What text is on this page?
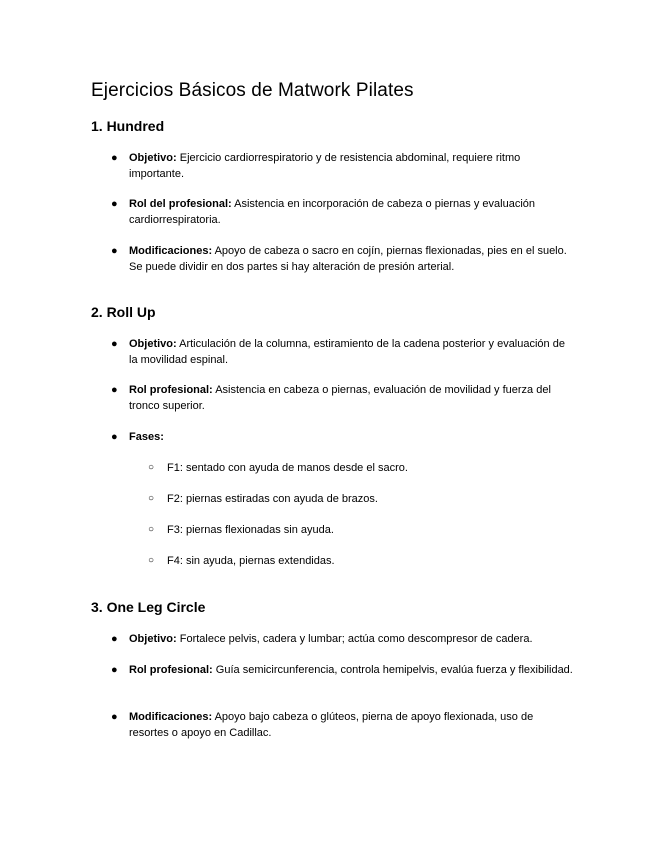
Ejercicios Básicos de Matwork Pilates
1. Hundred
● Objetivo: Ejercicio cardiorrespiratorio y de resistencia abdominal, requiere ritmo importante.
● Rol del profesional: Asistencia en incorporación de cabeza o piernas y evaluación cardiorrespiratoria.
● Modificaciones: Apoyo de cabeza o sacro en cojín, piernas flexionadas, pies en el suelo. Se puede dividir en dos partes si hay alteración de presión arterial.
2. Roll Up
● Objetivo: Articulación de la columna, estiramiento de la cadena posterior y evaluación de la movilidad espinal.
● Rol profesional: Asistencia en cabeza o piernas, evaluación de movilidad y fuerza del tronco superior.
● Fases:
○ F1: sentado con ayuda de manos desde el sacro.
○ F2: piernas estiradas con ayuda de brazos.
○ F3: piernas flexionadas sin ayuda.
○ F4: sin ayuda, piernas extendidas.
3. One Leg Circle
● Objetivo: Fortalece pelvis, cadera y lumbar; actúa como descompresor de cadera.
● Rol profesional: Guía semicircunferencia, controla hemipelvis, evalúa fuerza y flexibilidad.
● Modificaciones: Apoyo bajo cabeza o glúteos, pierna de apoyo flexionada, uso de resortes o apoyo en Cadillac.
